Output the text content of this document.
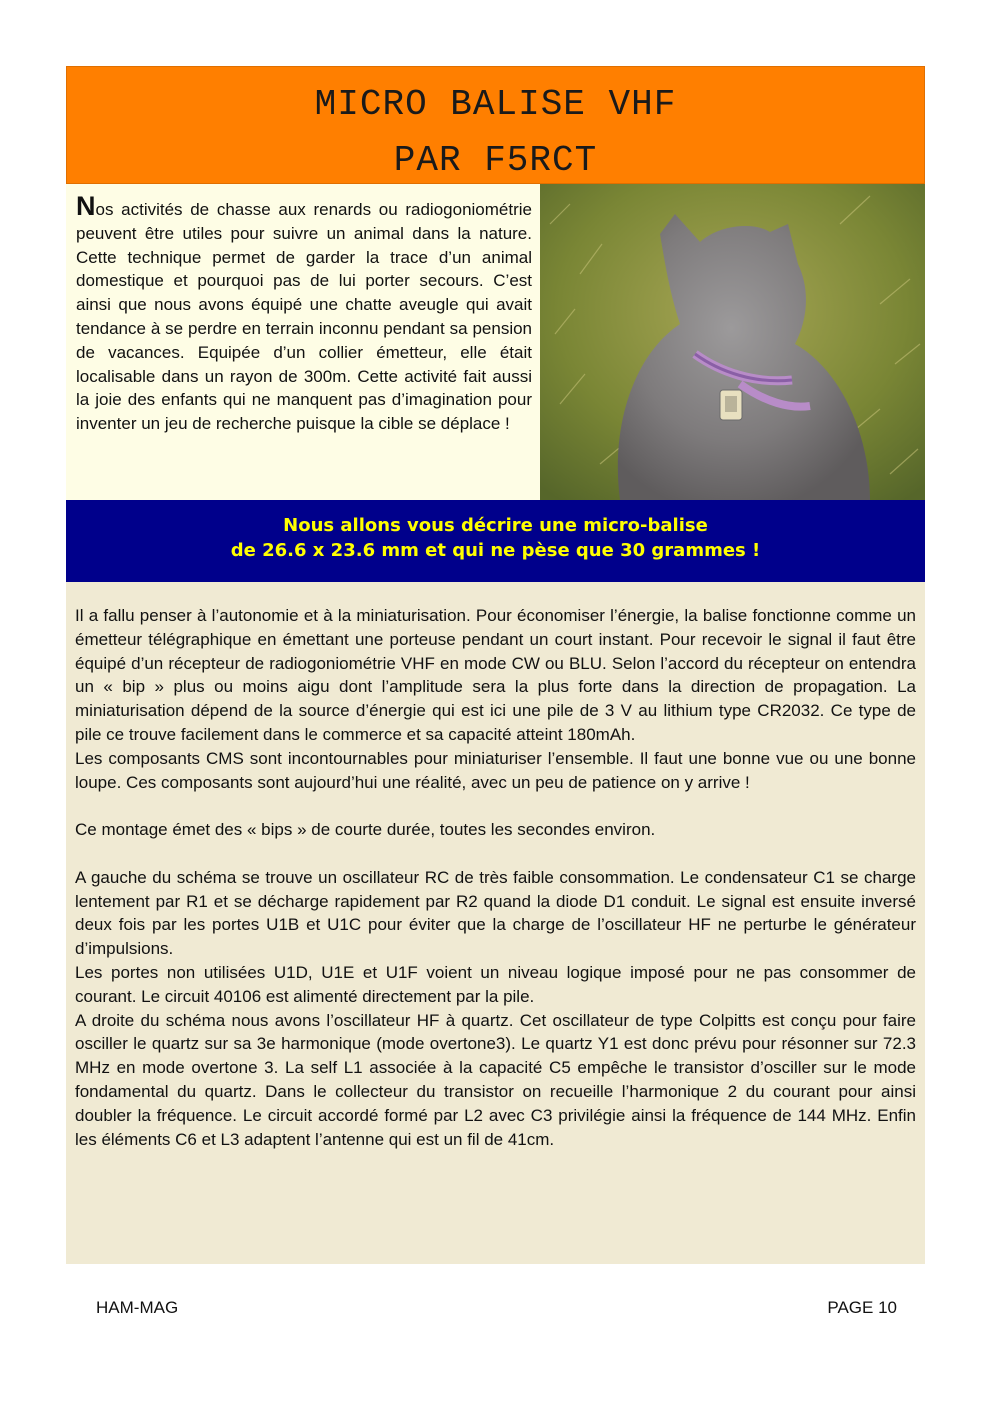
MICRO BALISE VHF
PAR F5RCT
Nos activités de chasse aux renards ou radiogoniométrie peuvent être utiles pour suivre un animal dans la nature. Cette technique permet de garder la trace d’un animal domestique et pourquoi pas de lui porter secours. C’est ainsi que nous avons équipé une chatte aveugle qui avait tendance à se perdre en terrain inconnu pendant sa pension de vacances. Equipée d’un collier émetteur, elle était localisable dans un rayon de 300m. Cette activité fait aussi la joie des enfants qui ne manquent pas d’imagination pour inventer un jeu de recherche puisque la cible se déplace !
Nous allons vous décrire une micro-balise
de 26.6 x 23.6 mm et qui ne pèse que 30 grammes !

Il a fallu penser à l’autonomie et à la miniaturisation. Pour économiser l’énergie, la balise fonctionne comme un émetteur télégraphique en émettant une porteuse pendant un court instant. Pour recevoir le signal il faut être équipé d’un récepteur de radiogoniométrie VHF en mode CW ou BLU. Selon l’accord du récepteur on entendra un « bip » plus ou moins aigu dont l’amplitude sera la plus forte dans la direction de propagation. La miniaturisation dépend de la source d’énergie qui est ici une pile de 3 V au lithium type CR2032. Ce type de pile ce trouve facilement dans le commerce et sa capacité atteint 180mAh.

Les composants CMS sont incontournables pour miniaturiser l’ensemble. Il faut une bonne vue ou une bonne loupe. Ces composants sont aujourd’hui une réalité, avec un peu de patience on y arrive !

Ce montage émet des « bips » de courte durée, toutes les secondes environ.

A gauche du schéma se trouve un oscillateur RC de très faible consommation. Le condensateur C1 se charge lentement par R1 et se décharge rapidement par R2 quand la diode D1 conduit. Le signal est ensuite inversé deux fois par les portes U1B et U1C pour éviter que la charge de l’oscillateur HF ne perturbe le générateur d’impulsions.

Les portes non utilisées U1D, U1E et U1F voient un niveau logique imposé pour ne pas consommer de courant. Le circuit 40106 est alimenté directement par la pile.

A droite du schéma nous avons l’oscillateur HF à quartz. Cet oscillateur de type Colpitts est conçu pour faire osciller le quartz sur sa 3e harmonique (mode overtone3). Le quartz Y1 est donc prévu pour résonner sur 72.3 MHz en mode overtone 3. La self L1 associée à la capacité C5 empêche le transistor d’osciller sur le mode fondamental du quartz. Dans le collecteur du transistor on recueille l’harmonique 2 du courant pour ainsi doubler la fréquence. Le circuit accordé formé par L2 avec C3 privilégie ainsi la fréquence de 144 MHz. Enfin les éléments C6 et L3 adaptent l’antenne qui est un fil de 41cm.

HAM-MAG	PAGE 10
